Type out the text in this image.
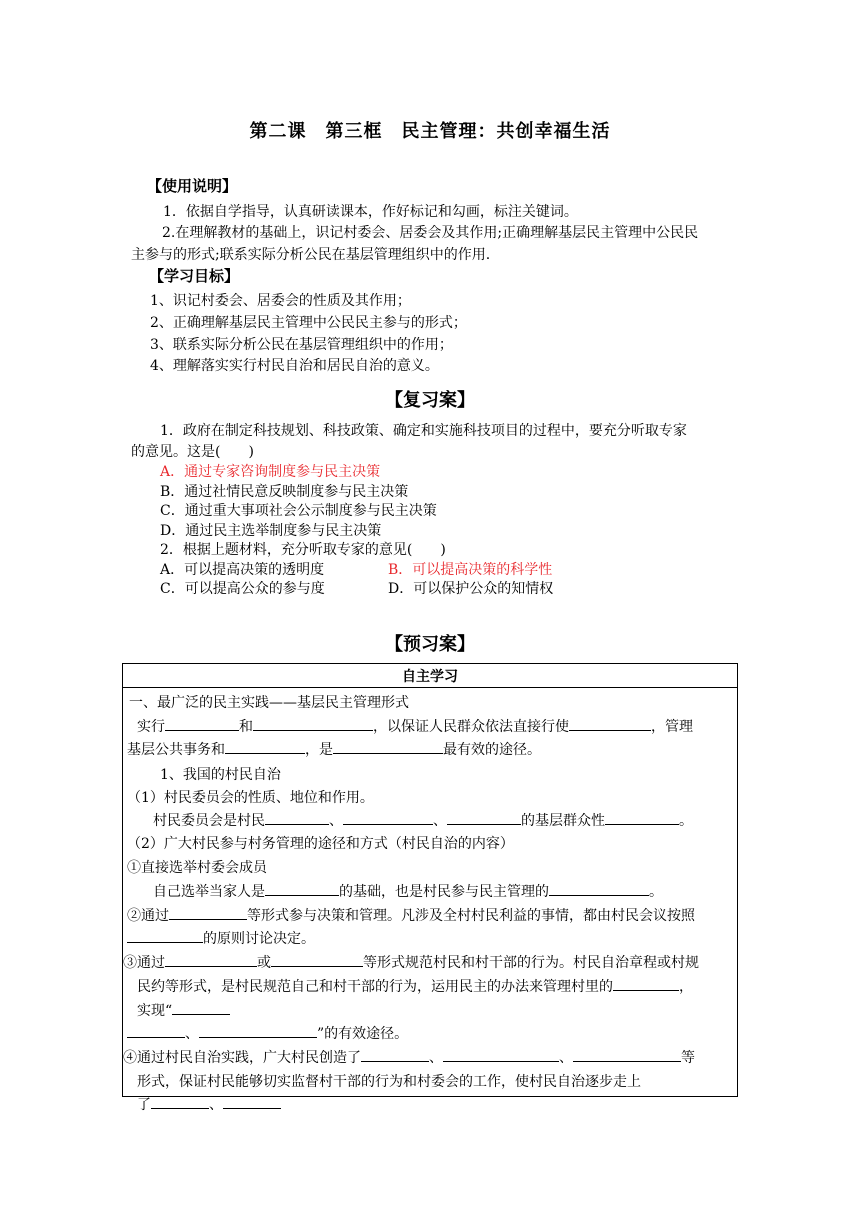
第二课　第三框　民主管理：共创幸福生活
【使用说明】
1．依据自学指导，认真研读课本，作好标记和勾画，标注关键词。
2.在理解教材的基础上，识记村委会、居委会及其作用;正确理解基层民主管理中公民民
主参与的形式;联系实际分析公民在基层管理组织中的作用.
【学习目标】
1、识记村委会、居委会的性质及其作用；
2、正确理解基层民主管理中公民民主参与的形式；
3、联系实际分析公民在基层管理组织中的作用；
4、理解落实实行村民自治和居民自治的意义。
【复习案】
1．政府在制定科技规划、科技政策、确定和实施科技项目的过程中，要充分听取专家
的意见。这是(　　)
A．通过专家咨询制度参与民主决策
B．通过社情民意反映制度参与民主决策
C．通过重大事项社会公示制度参与民主决策
D．通过民主选举制度参与民主决策
2．根据上题材料，充分听取专家的意见(　　)
A．可以提高决策的透明度	B．可以提高决策的科学性
C．可以提高公众的参与度	D．可以保护公众的知情权
【预习案】
自主学习

一、最广泛的民主实践——基层民主管理形式
实行	和	，以保证人民群众依法直接行使	，管理
基层公共事务和	，是	最有效的途径。
1、我国的村民自治
（1）村民委员会的性质、地位和作用。
村民委员会是村民	、	、	的基层群众性	。
（2）广大村民参与村务管理的途径和方式（村民自治的内容）
①直接选举村委会成员
自己选举当家人是	的基础，也是村民参与民主管理的	。
②通过	等形式参与决策和管理。凡涉及全村村民利益的事情，都由村民会议按照
的原则讨论决定。
③通过	或	等形式规范村民和村干部的行为。村民自治章程或村规
民约等形式，是村民规范自己和村干部的行为，运用民主的办法来管理村里的	，
实现“
、	”的有效途径。
④通过村民自治实践，广大村民创造了	、	、	等
形式，保证村民能够切实监督村干部的行为和村委会的工作，使村民自治逐步走上
了	、
